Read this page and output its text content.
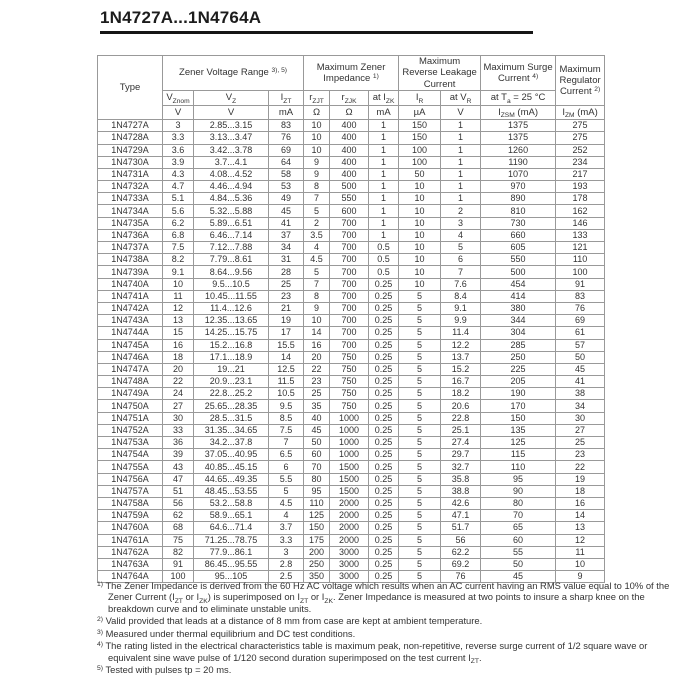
1N4727A...1N4764A
Type	Zener Voltage Range $^{3), 5)}$			Maximum Zener Impedance $^{1)}$			Maximum Reverse Leakage Current		Maximum Surge Current $^{4)}$	Maximum Regulator Current $^{2)}$
	$V_{Znom}$	$V_Z$	$I_{ZT}$	$r_{ZJT}$	$r_{ZJK}$	at $I_{ZK}$	$I_R$	at $V_R$	at $T_a = 25$ °C	
	V	V	mA	Ω	Ω	mA	µA	V	$I_{ZSM}$ (mA)	$I_{ZM}$ (mA)
1N4727A	3	2.85...3.15	83	10	400	1	150	1	1375	275
1N4728A	3.3	3.13...3.47	76	10	400	1	150	1	1375	275
1N4729A	3.6	3.42...3.78	69	10	400	1	100	1	1260	252
1N4730A	3.9	3.7...4.1	64	9	400	1	100	1	1190	234
1N4731A	4.3	4.08...4.52	58	9	400	1	50	1	1070	217
1N4732A	4.7	4.46...4.94	53	8	500	1	10	1	970	193
1N4733A	5.1	4.84...5.36	49	7	550	1	10	1	890	178
1N4734A	5.6	5.32...5.88	45	5	600	1	10	2	810	162
1N4735A	6.2	5.89...6.51	41	2	700	1	10	3	730	146
1N4736A	6.8	6.46...7.14	37	3.5	700	1	10	4	660	133
1N4737A	7.5	7.12...7.88	34	4	700	0.5	10	5	605	121
1N4738A	8.2	7.79...8.61	31	4.5	700	0.5	10	6	550	110
1N4739A	9.1	8.64...9.56	28	5	700	0.5	10	7	500	100
1N4740A	10	9.5...10.5	25	7	700	0.25	10	7.6	454	91
1N4741A	11	10.45...11.55	23	8	700	0.25	5	8.4	414	83
1N4742A	12	11.4...12.6	21	9	700	0.25	5	9.1	380	76
1N4743A	13	12.35...13.65	19	10	700	0.25	5	9.9	344	69
1N4744A	15	14.25...15.75	17	14	700	0.25	5	11.4	304	61
1N4745A	16	15.2...16.8	15.5	16	700	0.25	5	12.2	285	57
1N4746A	18	17.1...18.9	14	20	750	0.25	5	13.7	250	50
1N4747A	20	19...21	12.5	22	750	0.25	5	15.2	225	45
1N4748A	22	20.9...23.1	11.5	23	750	0.25	5	16.7	205	41
1N4749A	24	22.8...25.2	10.5	25	750	0.25	5	18.2	190	38
1N4750A	27	25.65...28.35	9.5	35	750	0.25	5	20.6	170	34
1N4751A	30	28.5...31.5	8.5	40	1000	0.25	5	22.8	150	30
1N4752A	33	31.35...34.65	7.5	45	1000	0.25	5	25.1	135	27
1N4753A	36	34.2...37.8	7	50	1000	0.25	5	27.4	125	25
1N4754A	39	37.05...40.95	6.5	60	1000	0.25	5	29.7	115	23
1N4755A	43	40.85...45.15	6	70	1500	0.25	5	32.7	110	22
1N4756A	47	44.65...49.35	5.5	80	1500	0.25	5	35.8	95	19
1N4757A	51	48.45...53.55	5	95	1500	0.25	5	38.8	90	18
1N4758A	56	53.2...58.8	4.5	110	2000	0.25	5	42.6	80	16
1N4759A	62	58.9...65.1	4	125	2000	0.25	5	47.1	70	14
1N4760A	68	64.6...71.4	3.7	150	2000	0.25	5	51.7	65	13
1N4761A	75	71.25...78.75	3.3	175	2000	0.25	5	56	60	12
1N4762A	82	77.9...86.1	3	200	3000	0.25	5	62.2	55	11
1N4763A	91	86.45...95.55	2.8	250	3000	0.25	5	69.2	50	10
1N4764A	100	95...105	2.5	350	3000	0.25	5	76	45	9
$^{1)}$ The Zener Impedance is derived from the 60 Hz AC voltage which results when an AC current having an RMS value equal to 10% of the Zener Current ($I_{ZT}$ or $I_{ZK}$) is superimposed on $I_{ZT}$ or $I_{ZK}$. Zener Impedance is measured at two points to insure a sharp knee on the breakdown curve and to eliminate unstable units.
$^{2)}$ Valid provided that leads at a distance of 8 mm from case are kept at ambient temperature.
$^{3)}$ Measured under thermal equilibrium and DC test conditions.
$^{4)}$ The rating listed in the electrical characteristics table is maximum peak, non-repetitive, reverse surge current of 1/2 square wave or equivalent sine wave pulse of 1/120 second duration superimposed on the test current $I_{ZT}$.
$^{5)}$ Tested with pulses tp = 20 ms.
